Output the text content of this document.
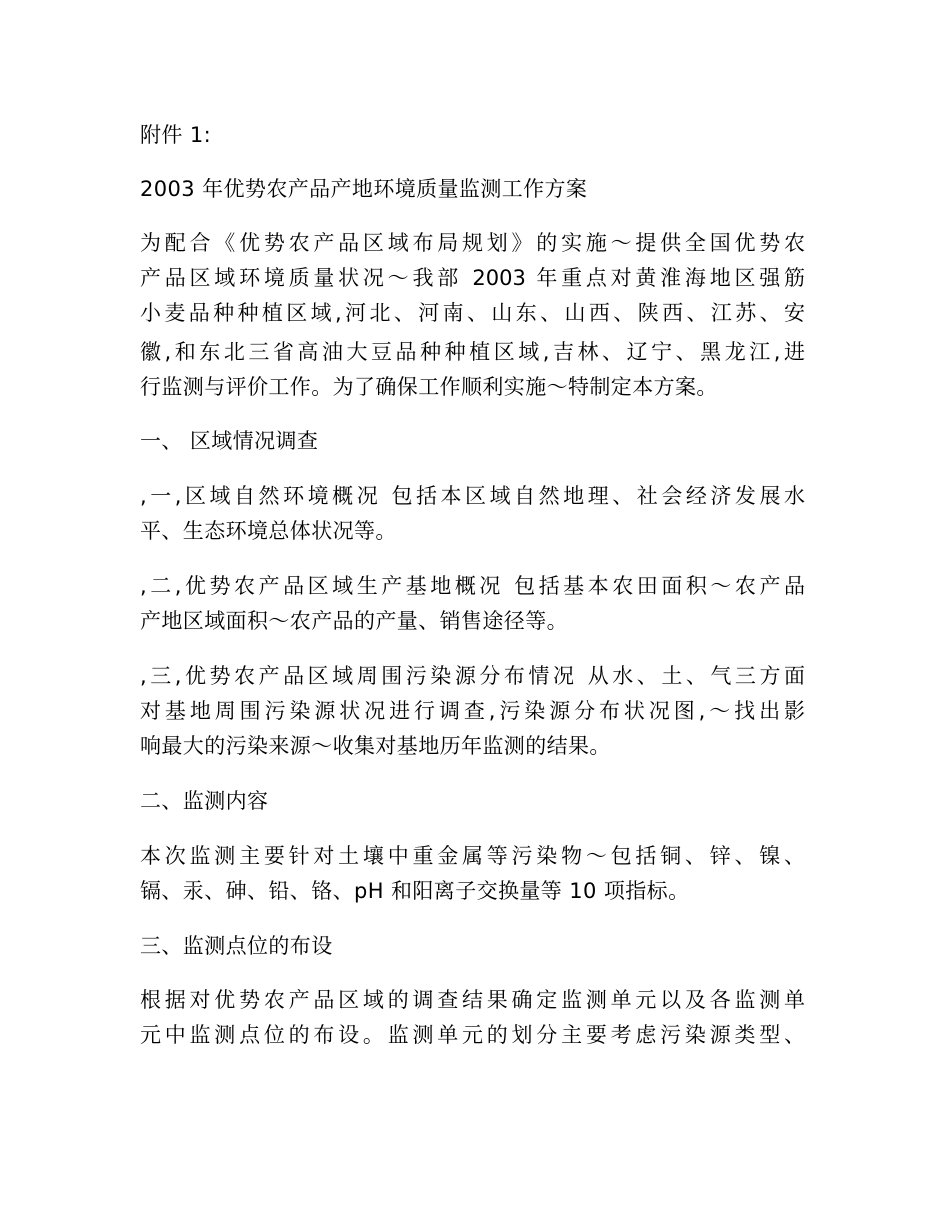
附件 1:
2003 年优势农产品产地环境质量监测工作方案
为配合《优势农产品区域布局规划》的实施～提供全国优势农
产品区域环境质量状况～我部 2003 年重点对黄淮海地区强筋
小麦品种种植区域,河北、河南、山东、山西、陕西、江苏、安
徽,和东北三省高油大豆品种种植区域,吉林、辽宁、黑龙江,进
行监测与评价工作。为了确保工作顺利实施～特制定本方案。
一、 区域情况调查
,一,区域自然环境概况 包括本区域自然地理、社会经济发展水
平、生态环境总体状况等。
,二,优势农产品区域生产基地概况 包括基本农田面积～农产品
产地区域面积～农产品的产量、销售途径等。
,三,优势农产品区域周围污染源分布情况 从水、土、气三方面
对基地周围污染源状况进行调查,污染源分布状况图,～找出影
响最大的污染来源～收集对基地历年监测的结果。
二、监测内容
本次监测主要针对土壤中重金属等污染物～包括铜、锌、镍、
镉、汞、砷、铅、铬、pH 和阳离子交换量等 10 项指标。
三、监测点位的布设
根据对优势农产品区域的调查结果确定监测单元以及各监测单
元中监测点位的布设。监测单元的划分主要考虑污染源类型、
